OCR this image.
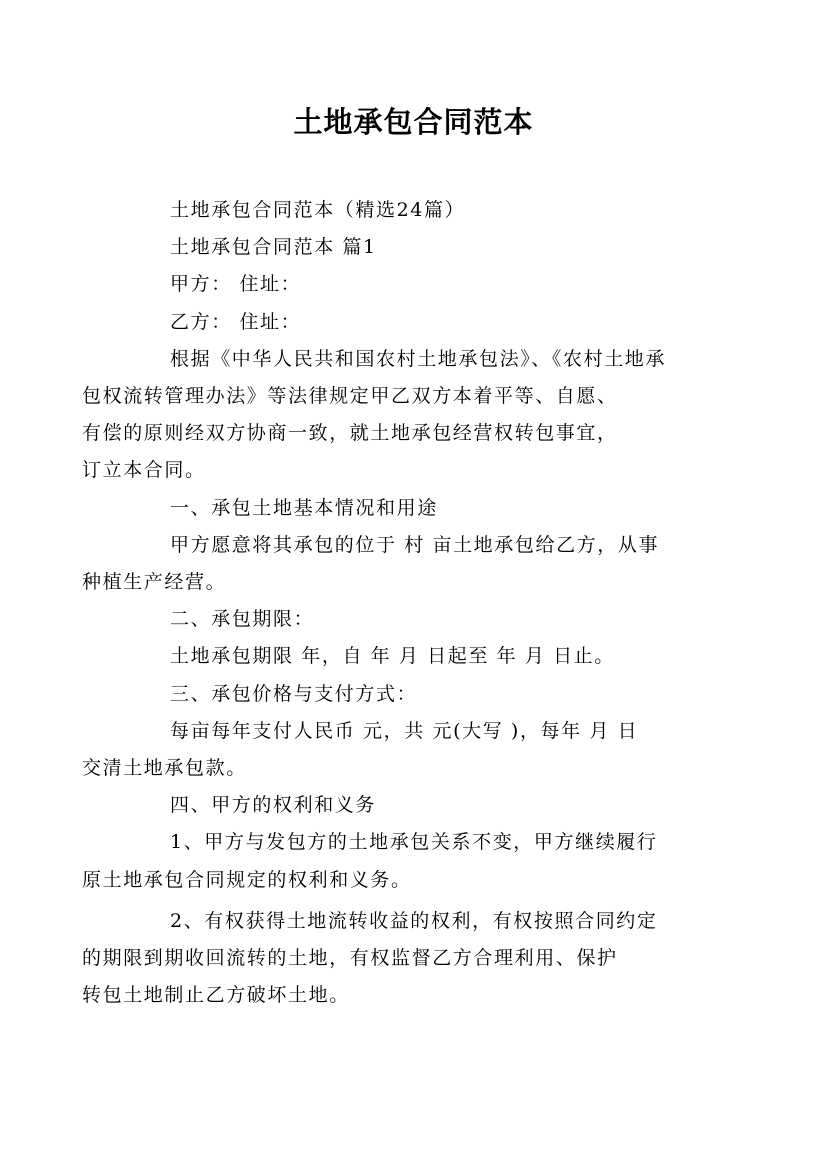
土地承包合同范本

土地承包合同范本（精选24篇）

土地承包合同范本 篇1

甲方： 住址：

乙方： 住址：

根据《中华人民共和国农村土地承包法》、《农村土地承
包权流转管理办法》等法律规定甲乙双方本着平等、自愿、
有偿的原则经双方协商一致，就土地承包经营权转包事宜，
订立本合同。

一、承包土地基本情况和用途

甲方愿意将其承包的位于 村 亩土地承包给乙方，从事
种植生产经营。

二、承包期限：

土地承包期限 年，自 年 月 日起至 年 月 日止。

三、承包价格与支付方式：

每亩每年支付人民币 元，共 元(大写 )，每年 月 日
交清土地承包款。

四、甲方的权利和义务

1、甲方与发包方的土地承包关系不变，甲方继续履行
原土地承包合同规定的权利和义务。

2、有权获得土地流转收益的权利，有权按照合同约定
的期限到期收回流转的土地，有权监督乙方合理利用、保护
转包土地制止乙方破坏土地。
